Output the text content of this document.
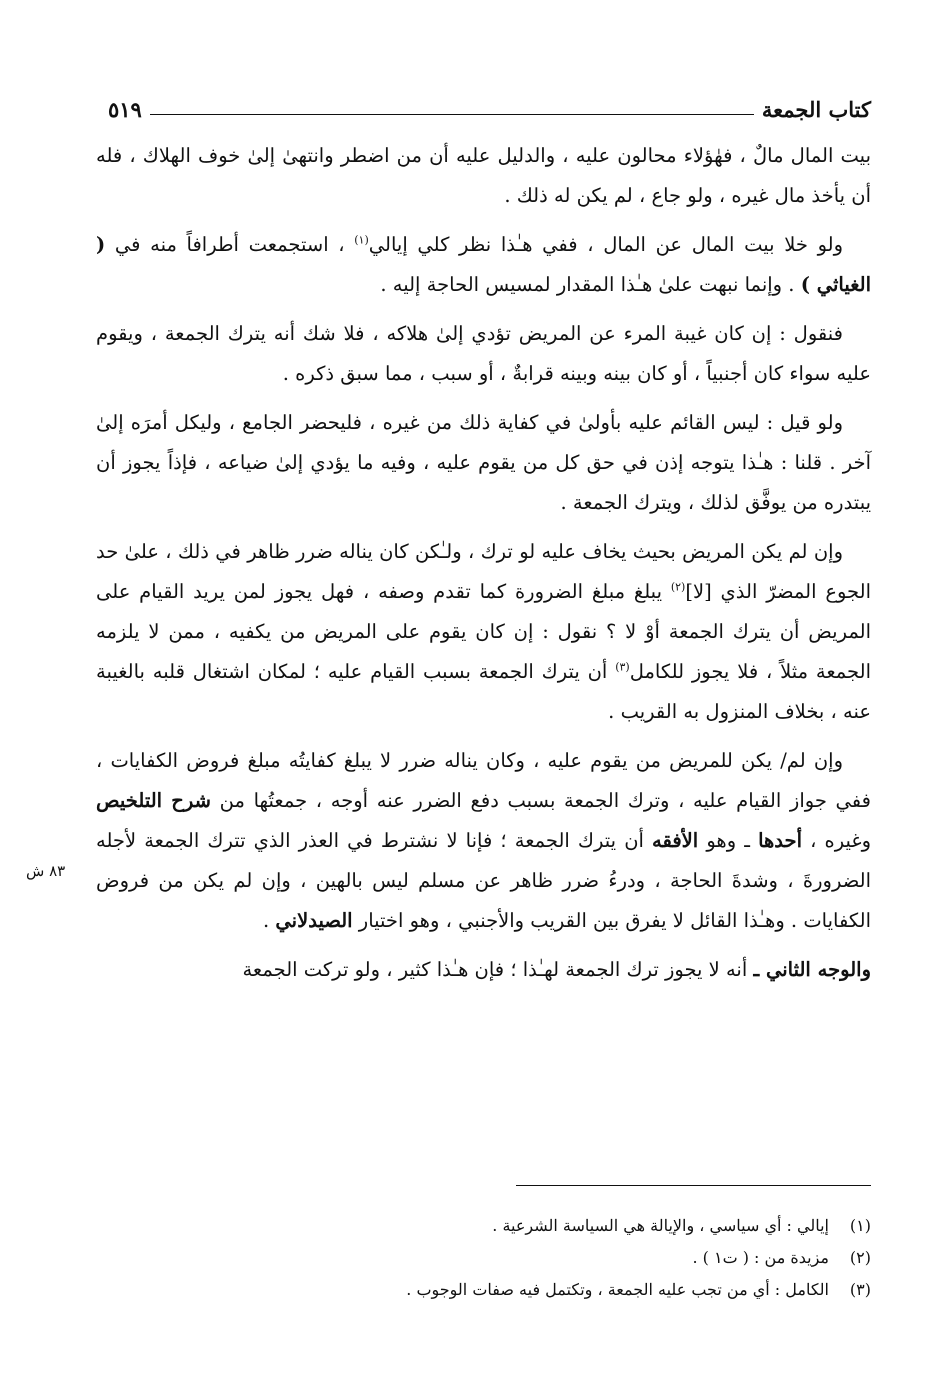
كتاب الجمعة
٥١٩
٨٣ ش

بيت المال مالٌ ، فهٰؤلاء محالون عليه ، والدليل عليه أن من اضطر وانتهىٰ إلىٰ خوف الهلاك ، فله أن يأخذ مال غيره ، ولو جاع ، لم يكن له ذلك .

ولو خلا بيت المال عن المال ، ففي هـٰذا نظر كلي إيالي$^{(١)}$ ، استجمعت أطرافاً منه في ( الغياثي ) . وإنما نبهت علىٰ هـٰذا المقدار لمسيس الحاجة إليه .

فنقول : إن كان غيبة المرء عن المريض تؤدي إلىٰ هلاكه ، فلا شك أنه يترك الجمعة ، ويقوم عليه سواء كان أجنبياً ، أو كان بينه وبينه قرابةٌ ، أو سبب ، مما سبق ذكره .

ولو قيل : ليس القائم عليه بأولىٰ في كفاية ذلك من غيره ، فليحضر الجامع ، وليكل أمرَه إلىٰ آخر . قلنا : هـٰذا يتوجه إذن في حق كل من يقوم عليه ، وفيه ما يؤدي إلىٰ ضياعه ، فإذاً يجوز أن يبتدره من يوفَّق لذلك ، ويترك الجمعة .

وإن لم يكن المريض بحيث يخاف عليه لو ترك ، ولـٰكن كان يناله ضرر ظاهر في ذلك ، علىٰ حد الجوع المضرّ الذي [لا]$^{(٢)}$ يبلغ مبلغ الضرورة كما تقدم وصفه ، فهل يجوز لمن يريد القيام على المريض أن يترك الجمعة أوْ لا ؟ نقول : إن كان يقوم على المريض من يكفيه ، ممن لا يلزمه الجمعة مثلاً ، فلا يجوز للكامل$^{(٣)}$ أن يترك الجمعة بسبب القيام عليه ؛ لمكان اشتغال قلبه بالغيبة عنه ، بخلاف المنزول به القريب .

وإن لم/ يكن للمريض من يقوم عليه ، وكان يناله ضرر لا يبلغ كفايتُه مبلغ فروض الكفايات ، ففي جواز القيام عليه ، وترك الجمعة بسبب دفع الضرر عنه أوجه ، جمعتُها من شرح التلخيص وغيره ، أحدها ـ وهو الأفقه أن يترك الجمعة ؛ فإنا لا نشترط في العذر الذي تترك الجمعة لأجله الضرورةَ ، وشدةَ الحاجة ، ودرءُ ضرر ظاهر عن مسلم ليس بالهين ، وإن لم يكن من فروض الكفايات . وهـٰذا القائل لا يفرق بين القريب والأجنبي ، وهو اختيار الصيدلاني .

والوجه الثاني ـ أنه لا يجوز ترك الجمعة لهـٰذا ؛ فإن هـٰذا كثير ، ولو تركت الجمعة

(١)
إيالي : أي سياسي ، والإيالة هي السياسة الشرعية .
(٢)
مزيدة من : ( ت١ ) .
(٣)
الكامل : أي من تجب عليه الجمعة ، وتكتمل فيه صفات الوجوب .
